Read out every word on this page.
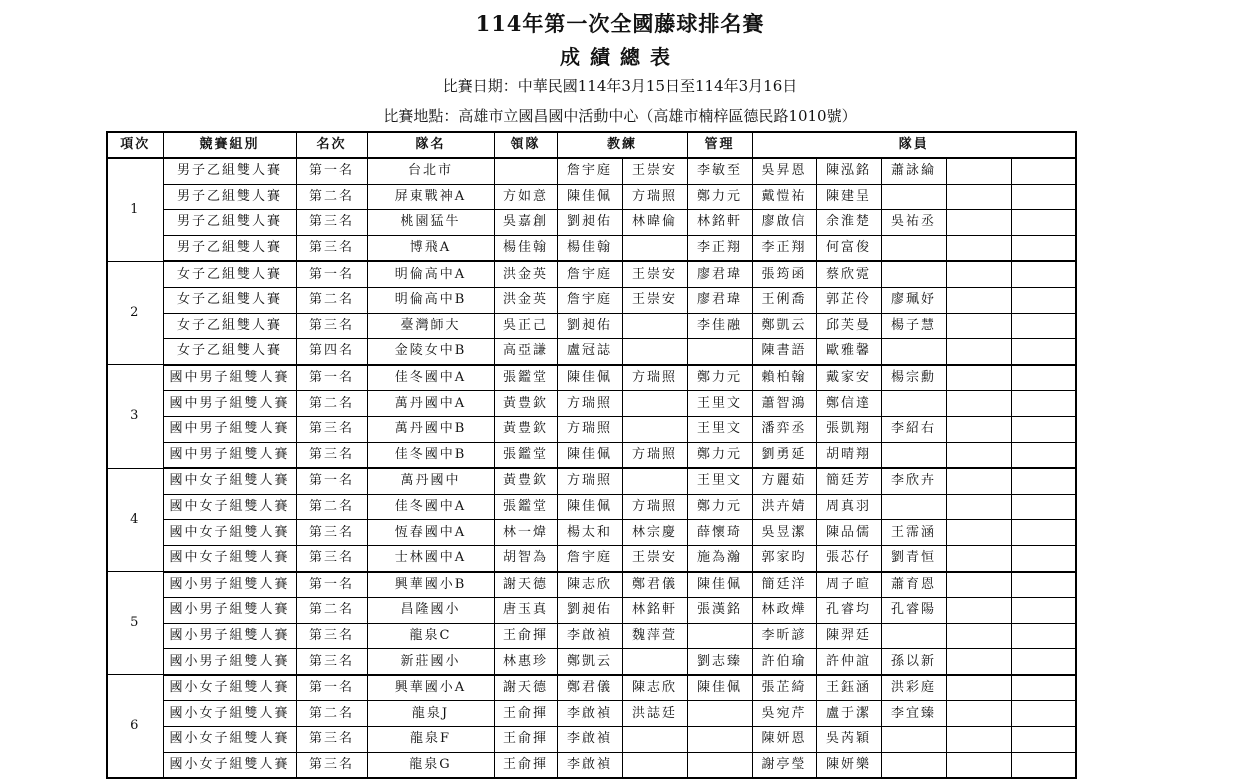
114年第一次全國藤球排名賽
成績總表
比賽日期：中華民國114年3月15日至114年3月16日
比賽地點：高雄市立國昌國中活動中心（高雄市楠梓區德民路1010號）
項次	競賽組別	名次	隊名	領隊	教練		管理	隊員				
1	男子乙組雙人賽	第一名	台北市		詹宇庭	王崇安	李敏至	吳昇恩	陳泓銘	蕭詠綸		
	男子乙組雙人賽	第二名	屏東戰神A	方如意	陳佳佩	方瑞照	鄭力元	戴愷祐	陳建呈			
	男子乙組雙人賽	第三名	桃園猛牛	吳嘉創	劉昶佑	林暐倫	林銘軒	廖啟信	余淮楚	吳祐丞		
	男子乙組雙人賽	第三名	博飛A	楊佳翰	楊佳翰		李正翔	李正翔	何富俊			
2	女子乙組雙人賽	第一名	明倫高中A	洪金英	詹宇庭	王崇安	廖君瑋	張筠函	蔡欣霓			
	女子乙組雙人賽	第二名	明倫高中B	洪金英	詹宇庭	王崇安	廖君瑋	王俐喬	郭芷伶	廖珮妤		
	女子乙組雙人賽	第三名	臺灣師大	吳正己	劉昶佑		李佳融	鄭凱云	邱芙曼	楊子慧		
	女子乙組雙人賽	第四名	金陵女中B	高亞謙	盧冠誌			陳書語	歐雅馨			
3	國中男子組雙人賽	第一名	佳冬國中A	張鑑堂	陳佳佩	方瑞照	鄭力元	賴柏翰	戴家安	楊宗勳		
	國中男子組雙人賽	第二名	萬丹國中A	黃豊欽	方瑞照		王里文	蕭智鴻	鄭信達			
	國中男子組雙人賽	第三名	萬丹國中B	黃豊欽	方瑞照		王里文	潘弈丞	張凱翔	李紹右		
	國中男子組雙人賽	第三名	佳冬國中B	張鑑堂	陳佳佩	方瑞照	鄭力元	劉勇延	胡晴翔			
4	國中女子組雙人賽	第一名	萬丹國中	黃豊欽	方瑞照		王里文	方麗茹	簡廷芳	李欣卉		
	國中女子組雙人賽	第二名	佳冬國中A	張鑑堂	陳佳佩	方瑞照	鄭力元	洪卉婧	周真羽			
	國中女子組雙人賽	第三名	恆春國中A	林一煒	楊太和	林宗慶	薛懷琦	吳昱潔	陳品儒	王霈涵		
	國中女子組雙人賽	第三名	士林國中A	胡智為	詹宇庭	王崇安	施為瀚	郭家昀	張芯仔	劉青恒		
5	國小男子組雙人賽	第一名	興華國小B	謝天德	陳志欣	鄭君儀	陳佳佩	簡廷洋	周子暄	蕭育恩		
	國小男子組雙人賽	第二名	昌隆國小	唐玉真	劉昶佑	林銘軒	張漢銘	林政燁	孔睿均	孔睿陽		
	國小男子組雙人賽	第三名	龍泉C	王俞揮	李啟禎	魏萍萱		李昕諺	陳羿廷			
	國小男子組雙人賽	第三名	新莊國小	林惠珍	鄭凱云		劉志臻	許伯瑜	許仲誼	孫以新		
6	國小女子組雙人賽	第一名	興華國小A	謝天德	鄭君儀	陳志欣	陳佳佩	張芷綺	王鈺涵	洪彩庭		
	國小女子組雙人賽	第二名	龍泉J	王俞揮	李啟禎	洪誌廷		吳宛芹	盧于潔	李宜臻		
	國小女子組雙人賽	第三名	龍泉F	王俞揮	李啟禎			陳妍恩	吳芮穎			
	國小女子組雙人賽	第三名	龍泉G	王俞揮	李啟禎			謝亭瑩	陳妍樂			
